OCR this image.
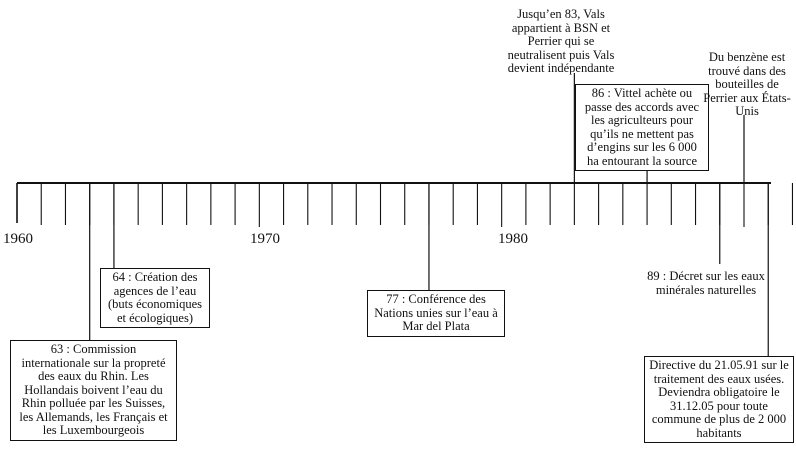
1960	1970	1980
63 : Commission internationale sur la propreté des eaux du Rhin. Les Hollandais boivent l’eau du Rhin polluée par les Suisses, les Allemands, les Français et les Luxembourgeois
64 : Création des agences de l’eau (buts économiques et écologiques)
77 : Conférence des Nations unies sur l’eau à Mar del Plata
Jusqu’en 83, Vals appartient à BSN et Perrier qui se neutralisent puis Vals devient indépendante
86 : Vittel achète ou passe des accords avec les agriculteurs pour qu’ils ne mettent pas d’engins sur les 6 000 ha entourant la source
89 : Décret sur les eaux minérales naturelles
Du benzène est trouvé dans des bouteilles de Perrier aux États-Unis
Directive du 21.05.91 sur le traitement des eaux usées. Deviendra obligatoire le 31.12.05 pour toute commune de plus de 2 000 habitants
